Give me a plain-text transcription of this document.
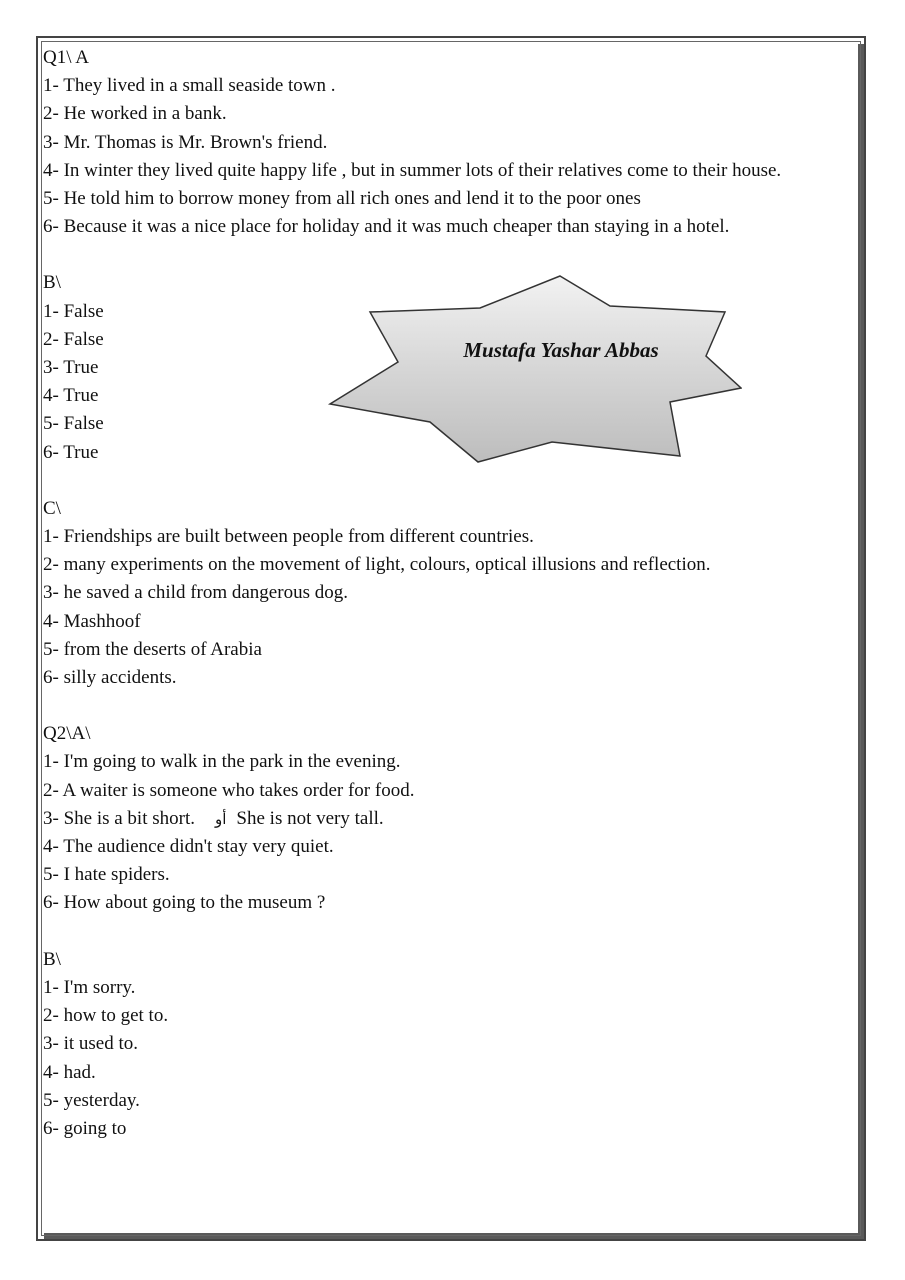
Mustafa Yashar Abbas
Q1\ A
1- They lived in a small seaside town .
2- He worked in a bank.
3- Mr. Thomas is Mr. Brown's friend.
4- In winter they lived quite happy life , but in summer lots of their relatives come to their house.
5- He told him to borrow money from all rich ones and lend it to the poor ones
6- Because it was a nice place for holiday and it was much cheaper than staying in a hotel.
B\
1- False
2- False
3- True
4- True
5- False
6- True
C\
1- Friendships are built between people from different countries.
2- many experiments on the movement of light, colours, optical illusions and reflection.
3- he saved a child from dangerous dog.
4- Mashhoof
5- from the deserts of Arabia
6- silly accidents.
Q2\A\
1- I'm going to walk in the park in the evening.
2- A waiter is someone who takes order for food.
3- She is a bit short. أو She is not very tall.
4- The audience didn't stay very quiet.
5- I hate spiders.
6- How about going to the museum ?
B\
1- I'm sorry.
2- how to get to.
3- it used to.
4- had.
5- yesterday.
6- going to
